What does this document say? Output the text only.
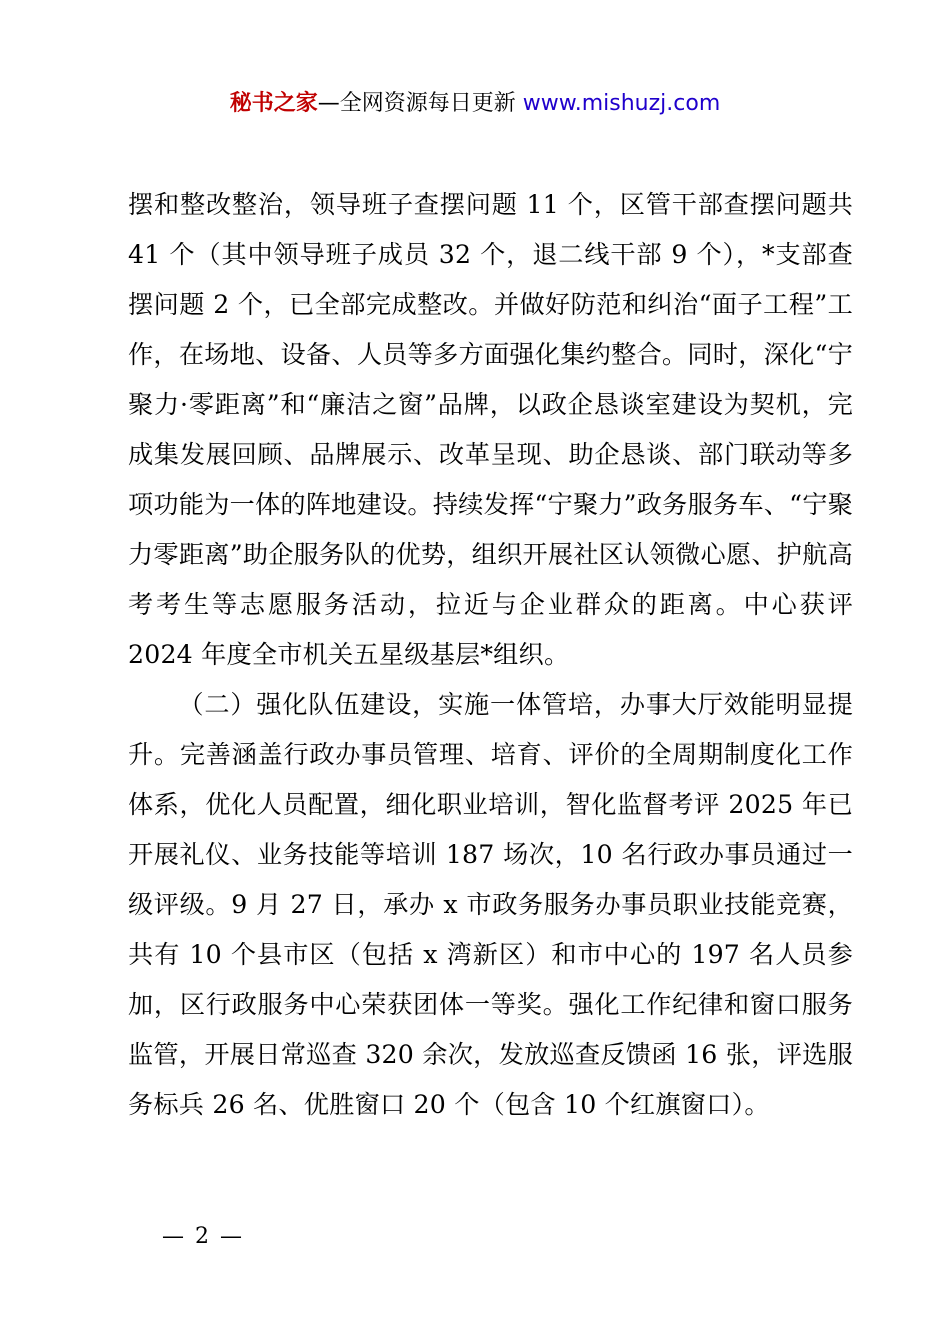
秘书之家—全网资源每日更新 www.mishuzj.com

摆和整改整治，领导班子查摆问题 11 个，区管干部查摆问题共 41 个（其中领导班子成员 32 个，退二线干部 9 个），*支部查摆问题 2 个，已全部完成整改。并做好防范和纠治“面子工程”工作，在场地、设备、人员等多方面强化集约整合。同时，深化“宁聚力·零距离”和“廉洁之窗”品牌，以政企恳谈室建设为契机，完成集发展回顾、品牌展示、改革呈现、助企恳谈、部门联动等多项功能为一体的阵地建设。持续发挥“宁聚力”政务服务车、“宁聚力零距离”助企服务队的优势，组织开展社区认领微心愿、护航高考考生等志愿服务活动，拉近与企业群众的距离。中心获评 2024 年度全市机关五星级基层*组织。

（二）强化队伍建设，实施一体管培，办事大厅效能明显提升。完善涵盖行政办事员管理、培育、评价的全周期制度化工作体系，优化人员配置，细化职业培训，智化监督考评 2025 年已开展礼仪、业务技能等培训 187 场次，10 名行政办事员通过一级评级。9 月 27 日，承办 x 市政务服务办事员职业技能竞赛，共有 10 个县市区（包括 x 湾新区）和市中心的 197 名人员参加，区行政服务中心荣获团体一等奖。强化工作纪律和窗口服务监管，开展日常巡查 320 余次，发放巡查反馈函 16 张，评选服务标兵 26 名、优胜窗口 20 个（包含 10 个红旗窗口）。

— 2 —
